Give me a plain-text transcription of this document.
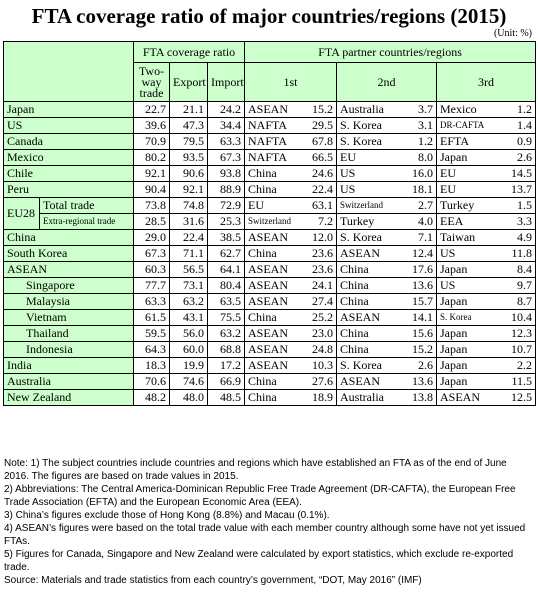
FTA coverage ratio of major countries/regions (2015)
(Unit: %)
		FTA coverage ratio			FTA partner countries/regions					
		Two-way trade	Export	Import	1st		2nd		3rd	
Japan		22.7	21.1	24.2	ASEAN	15.2	Australia	3.7	Mexico	1.2
US		39.6	47.3	34.4	NAFTA	29.5	S. Korea	3.1	DR-CAFTA	1.4
Canada		70.9	79.5	63.3	NAFTA	67.8	S. Korea	1.2	EFTA	0.9
Mexico		80.2	93.5	67.3	NAFTA	66.5	EU	8.0	Japan	2.6
Chile		92.1	90.6	93.8	China	24.6	US	16.0	EU	14.5
Peru		90.4	92.1	88.9	China	22.4	US	18.1	EU	13.7
EU28	Total trade	73.8	74.8	72.9	EU	63.1	Switzerland	2.7	Turkey	1.5
	Extra-regional trade	28.5	31.6	25.3	Switzerland	7.2	Turkey	4.0	EEA	3.3
China		29.0	22.4	38.5	ASEAN	12.0	S. Korea	7.1	Taiwan	4.9
South Korea		67.3	71.1	62.7	China	23.6	ASEAN	12.4	US	11.8
ASEAN		60.3	56.5	64.1	ASEAN	23.6	China	17.6	Japan	8.4
Singapore		77.7	73.1	80.4	ASEAN	24.1	China	13.6	US	9.7
Malaysia		63.3	63.2	63.5	ASEAN	27.4	China	15.7	Japan	8.7
Vietnam		61.5	43.1	75.5	China	25.2	ASEAN	14.1	S. Korea	10.4
Thailand		59.5	56.0	63.2	ASEAN	23.0	China	15.6	Japan	12.3
Indonesia		64.3	60.0	68.8	ASEAN	24.8	China	15.2	Japan	10.7
India		18.3	19.9	17.2	ASEAN	10.3	S. Korea	2.6	Japan	2.2
Australia		70.6	74.6	66.9	China	27.6	ASEAN	13.6	Japan	11.5
New Zealand		48.2	48.0	48.5	China	18.9	Australia	13.8	ASEAN	12.5

Note: 1) The subject countries include countries and regions which have established an FTA as of the end of June 2016. The figures are based on trade values in 2015.

2) Abbreviations: The Central America-Dominican Republic Free Trade Agreement (DR-CAFTA), the European Free Trade Association (EFTA) and the European Economic Area (EEA).

3) China’s figures exclude those of Hong Kong (8.8%) and Macau (0.1%).

4) ASEAN’s figures were based on the total trade value with each member country although some have not yet issued FTAs.

5) Figures for Canada, Singapore and New Zealand were calculated by export statistics, which exclude re-exported trade.

Source: Materials and trade statistics from each country’s government, “DOT, May 2016” (IMF)
